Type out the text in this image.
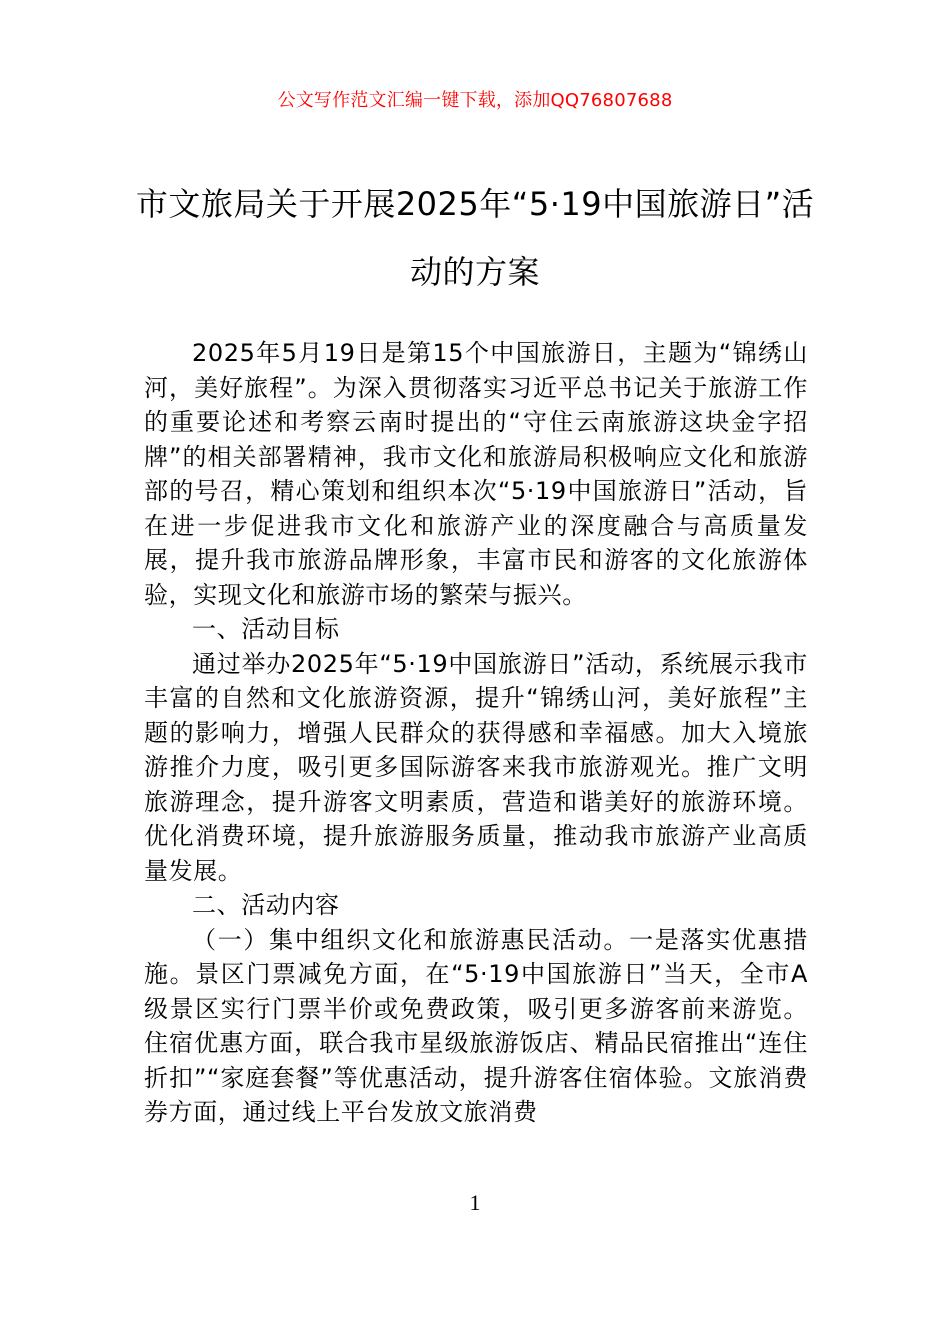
公文写作范文汇编一键下载，添加QQ76807688
市文旅局关于开展2025年“5·19中国旅游日”活动的方案

2025年5月19日是第15个中国旅游日，主题为“锦绣山河，美好旅程”。为深入贯彻落实习近平总书记关于旅游工作的重要论述和考察云南时提出的“守住云南旅游这块金字招牌”的相关部署精神，我市文化和旅游局积极响应文化和旅游部的号召，精心策划和组织本次“5·19中国旅游日”活动，旨在进一步促进我市文化和旅游产业的深度融合与高质量发展，提升我市旅游品牌形象，丰富市民和游客的文化旅游体验，实现文化和旅游市场的繁荣与振兴。

一、活动目标

通过举办2025年“5·19中国旅游日”活动，系统展示我市丰富的自然和文化旅游资源，提升“锦绣山河，美好旅程”主题的影响力，增强人民群众的获得感和幸福感。加大入境旅游推介力度，吸引更多国际游客来我市旅游观光。推广文明旅游理念，提升游客文明素质，营造和谐美好的旅游环境。优化消费环境，提升旅游服务质量，推动我市旅游产业高质量发展。

二、活动内容

（一）集中组织文化和旅游惠民活动。一是落实优惠措施。景区门票减免方面，在“5·19中国旅游日”当天，全市A级景区实行门票半价或免费政策，吸引更多游客前来游览。住宿优惠方面，联合我市星级旅游饭店、精品民宿推出“连住折扣”“家庭套餐”等优惠活动，提升游客住宿体验。文旅消费券方面，通过线上平台发放文旅消费

1
